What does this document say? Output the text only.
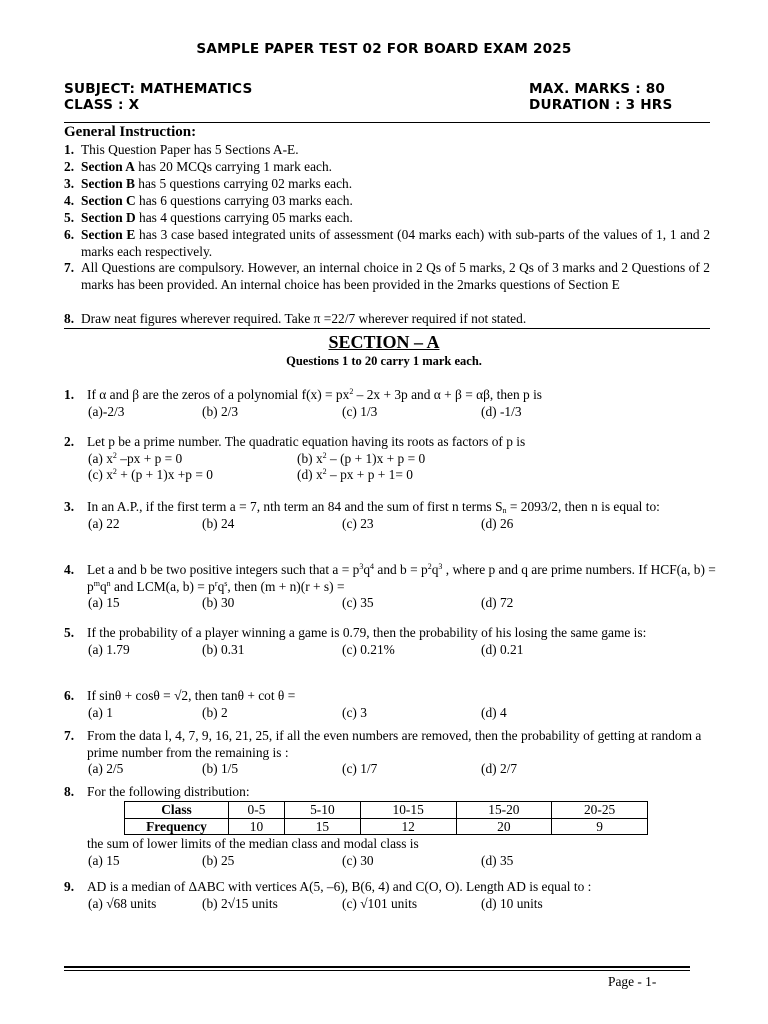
SAMPLE PAPER TEST 02 FOR BOARD EXAM 2025
SUBJECT: MATHEMATICS
CLASS : X
MAX. MARKS : 80
DURATION : 3 HRS
General Instruction:
1. This Question Paper has 5 Sections A-E.
2. Section A has 20 MCQs carrying 1 mark each.
3. Section B has 5 questions carrying 02 marks each.
4. Section C has 6 questions carrying 03 marks each.
5. Section D has 4 questions carrying 05 marks each.
6. Section E has 3 case based integrated units of assessment (04 marks each) with sub-parts of the values of 1, 1 and 2 marks each respectively.
7. All Questions are compulsory. However, an internal choice in 2 Qs of 5 marks, 2 Qs of 3 marks and 2 Questions of 2 marks has been provided. An internal choice has been provided in the 2marks questions of Section E
8. Draw neat figures wherever required. Take π =22/7 wherever required if not stated.
SECTION – A
Questions 1 to 20 carry 1 mark each.
1. If α and β are the zeros of a polynomial $f(x) = px^2 - 2x + 3p$ and α + β = αβ, then p is
(a)-2/3	(b) 2/3	(c) 1/3	(d) -1/3
2. Let p be a prime number. The quadratic equation having its roots as factors of p is
(a) $x^2$ –px + p = 0	(b) $x^2 - (p + 1)x + p = 0$
(c) $x^2 + (p + 1)x +p = 0$	(d) $x^2$ – px + p + 1= 0
3. In an A.P., if the first term a = 7, nth term an 84 and the sum of first n terms $S_n = 2093/2$, then n is equal to:
(a) 22	(b) 24	(c) 23	(d) 26
4. Let a and b be two positive integers such that $a = p^3q^4$ and $b = p^2q^3$ , where p and q are prime numbers. If HCF(a, $b) = p^mq^n$ and LCM(a, $b) = p^rq^s$, then (m + n)(r + s) =
(a) 15	(b) 30	(c) 35	(d) 72
5. If the probability of a player winning a game is 0.79, then the probability of his losing the same game is:
(a) 1.79	(b) 0.31	(c) 0.21%	(d) 0.21
6. If sinθ + cosθ = √2, then tanθ + cot θ =
(a) 1	(b) 2	(c) 3	(d) 4
7. From the data l, 4, 7, 9, 16, 21, 25, if all the even numbers are removed, then the probability of getting at random a prime number from the remaining is :
(a) 2/5	(b) 1/5	(c) 1/7	(d) 2/7
8. For the following distribution:
Class	0-5	5-10	10-15	15-20	20-25
Frequency	10	15	12	20	9
the sum of lower limits of the median class and modal class is
(a) 15	(b) 25	(c) 30	(d) 35
9. AD is a median of ΔABC with vertices A(5, –6), B(6, 4) and C(O, O). Length AD is equal to :
(a) √68 units	(b) 2√15 units	(c) √101 units	(d) 10 units
Page - 1-
